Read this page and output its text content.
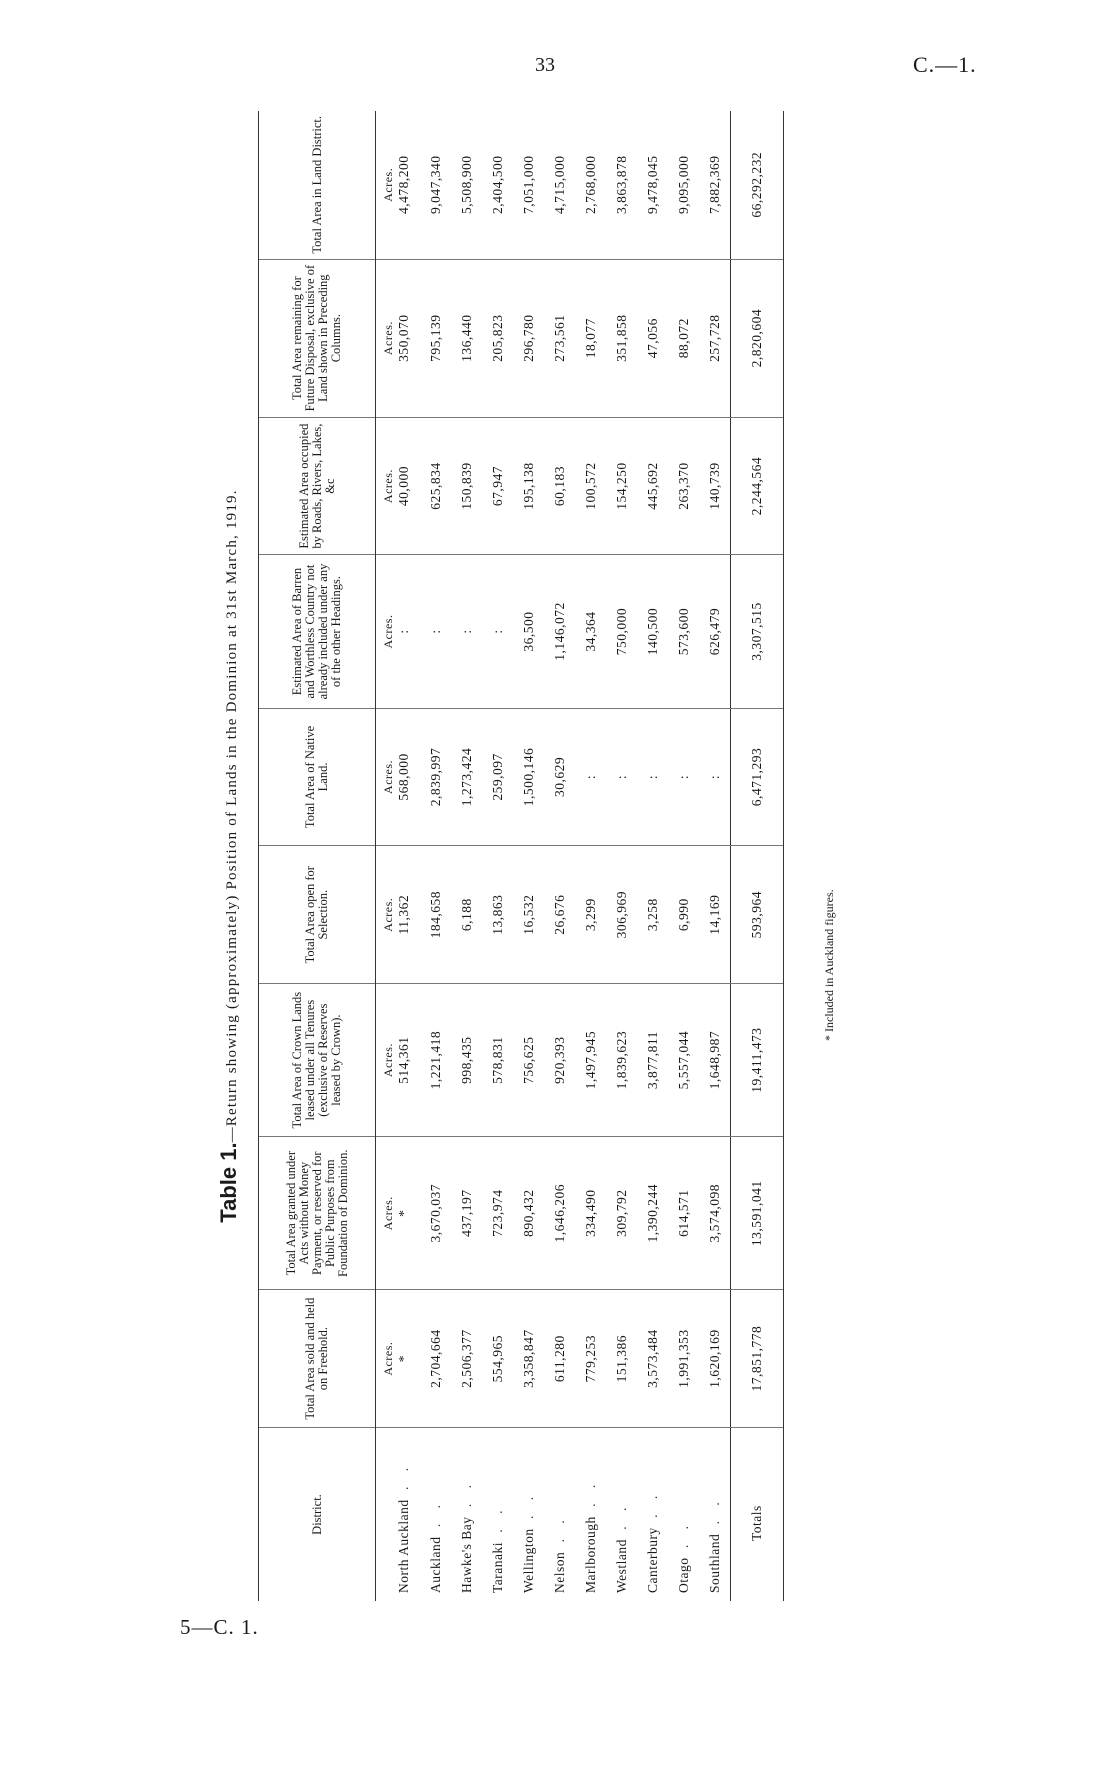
33	C.—1.
Table 1.—Return showing (approximately) Position of Lands in the Dominion at 31st March, 1919.
District.	Total Area sold and held on Freehold.	Total Area granted under Acts without Money Payment, or reserved for Public Purposes from Foundation of Dominion.	Total Area of Crown Lands leased under all Tenures (exclusive of Reserves leased by Crown).	Total Area open for Selection.	Total Area of Native Land.	Estimated Area of Barren and Worthless Country not already included under any of the other Headings.	Estimated Area occupied by Roads, Rivers, Lakes, &c	Total Area remaining for Future Disposal, exclusive of Land shown in Preceding Columns.	Total Area in Land District.
	Acres.	Acres.	Acres.	Acres.	Acres.	Acres.	Acres.	Acres.	Acres.
North Auckland . .	*	*	514,361	11,362	568,000	:	40,000	350,070	4,478,200
Auckland . .	2,704,664	3,670,037	1,221,418	184,658	2,839,997	:	625,834	795,139	9,047,340
Hawke's Bay . .	2,506,377	437,197	998,435	6,188	1,273,424	:	150,839	136,440	5,508,900
Taranaki . .	554,965	723,974	578,831	13,863	259,097	:	67,947	205,823	2,404,500
Wellington . .	3,358,847	890,432	756,625	16,532	1,500,146	36,500	195,138	296,780	7,051,000
Nelson . .	611,280	1,646,206	920,393	26,676	30,629	1,146,072	60,183	273,561	4,715,000
Marlborough . .	779,253	334,490	1,497,945	3,299	:	34,364	100,572	18,077	2,768,000
Westland . .	151,386	309,792	1,839,623	306,969	:	750,000	154,250	351,858	3,863,878
Canterbury . .	3,573,484	1,390,244	3,877,811	3,258	:	140,500	445,692	47,056	9,478,045
Otago . .	1,991,353	614,571	5,557,044	6,990	:	573,600	263,370	88,072	9,095,000
Southland . .	1,620,169	3,574,098	1,648,987	14,169	:	626,479	140,739	257,728	7,882,369
Totals	17,851,778	13,591,041	19,411,473	593,964	6,471,293	3,307,515	2,244,564	2,820,604	66,292,232
* Included in Auckland figures.
5—C. 1.
